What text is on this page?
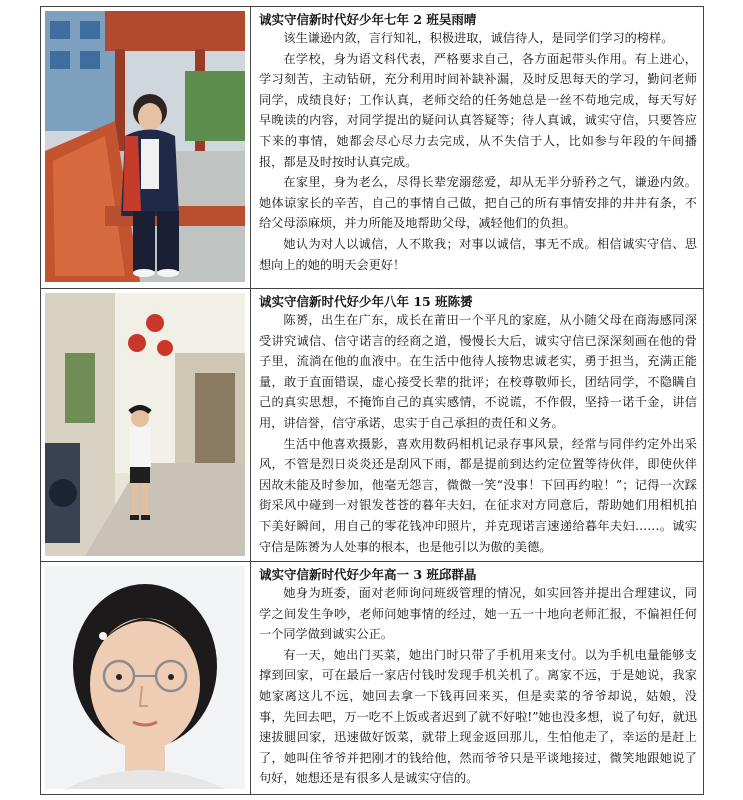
诚实守信新时代好少年七年 2 班吴雨晴

该生谦逊内敛，言行知礼，积极进取，诚信待人，是同学们学习的榜样。

在学校，身为语文科代表，严格要求自己，各方面起带头作用。有上进心，学习刻苦，主动钻研，充分利用时间补缺补漏，及时反思每天的学习，勤问老师同学，成绩良好；工作认真，老师交给的任务她总是一丝不苟地完成，每天写好早晚读的内容，对同学提出的疑问认真答疑等；待人真诚，诚实守信，只要答应下来的事情，她都会尽心尽力去完成，从不失信于人，比如参与年段的午间播报，都是及时按时认真完成。

在家里，身为老么，尽得长辈宠溺慈爱，却从无半分骄矜之气，谦逊内敛。她体谅家长的辛苦，自己的事情自己做，把自己的所有事情安排的井井有条，不给父母添麻烦，并力所能及地帮助父母，减轻他们的负担。

她认为对人以诚信，人不欺我；对事以诚信，事无不成。相信诚实守信、思想向上的她的明天会更好！

诚实守信新时代好少年八年 15 班陈赟

陈赟，出生在广东，成长在莆田一个平凡的家庭，从小随父母在商海感同深受讲究诚信、信守诺言的经商之道，慢慢长大后，诚实守信已深深刻画在他的骨子里，流淌在他的血液中。在生活中他待人接物忠诚老实，勇于担当，充满正能量，敢于直面错误，虚心接受长辈的批评；在校尊敬师长，团结同学，不隐瞒自己的真实思想，不掩饰自己的真实感情，不说谎，不作假，坚持一诺千金，讲信用，讲信誉，信守承诺，忠实于自己承担的责任和义务。

生活中他喜欢摄影，喜欢用数码相机记录存事风景，经常与同伴约定外出采风，不管是烈日炎炎还是刮风下雨，都是提前到达约定位置等待伙伴，即使伙伴因故未能及时参加，他毫无怨言，微微一笑“没事！下回再约啦！”；记得一次踩街采风中碰到一对银发苍苍的暮年夫妇，在征求对方同意后，帮助她们用相机拍下美好瞬间，用自己的零花钱冲印照片，并克现诺言速递给暮年夫妇……。诚实守信是陈赟为人处事的根本，也是他引以为傲的美德。

诚实守信新时代好少年高一 3 班邱群晶

她身为班委，面对老师询问班级管理的情况，如实回答并提出合理建议，同学之间发生争吵，老师问她事情的经过，她一五一十地向老师汇报，不偏袒任何一个同学做到诚实公正。

有一天，她出门买菜，她出门时只带了手机用来支付。以为手机电量能够支撑到回家，可在最后一家店付钱时发现手机关机了。离家不远，于是她说，我家她家离这儿不远，她回去拿一下钱再回来买，但是卖菜的爷爷却说，姑娘，没事，先回去吧，万一吃不上饭或者迟到了就不好啦!”她也没多想，说了句好，就迅速拔腿回家，迅速做好饭菜，就带上现金返回那儿，生怕他走了，幸运的是赶上了，她叫住爷爷并把刚才的钱给他，然而爷爷只是平谈地接过，微笑地跟她说了句好，她想还是有很多人是诚实守信的。
